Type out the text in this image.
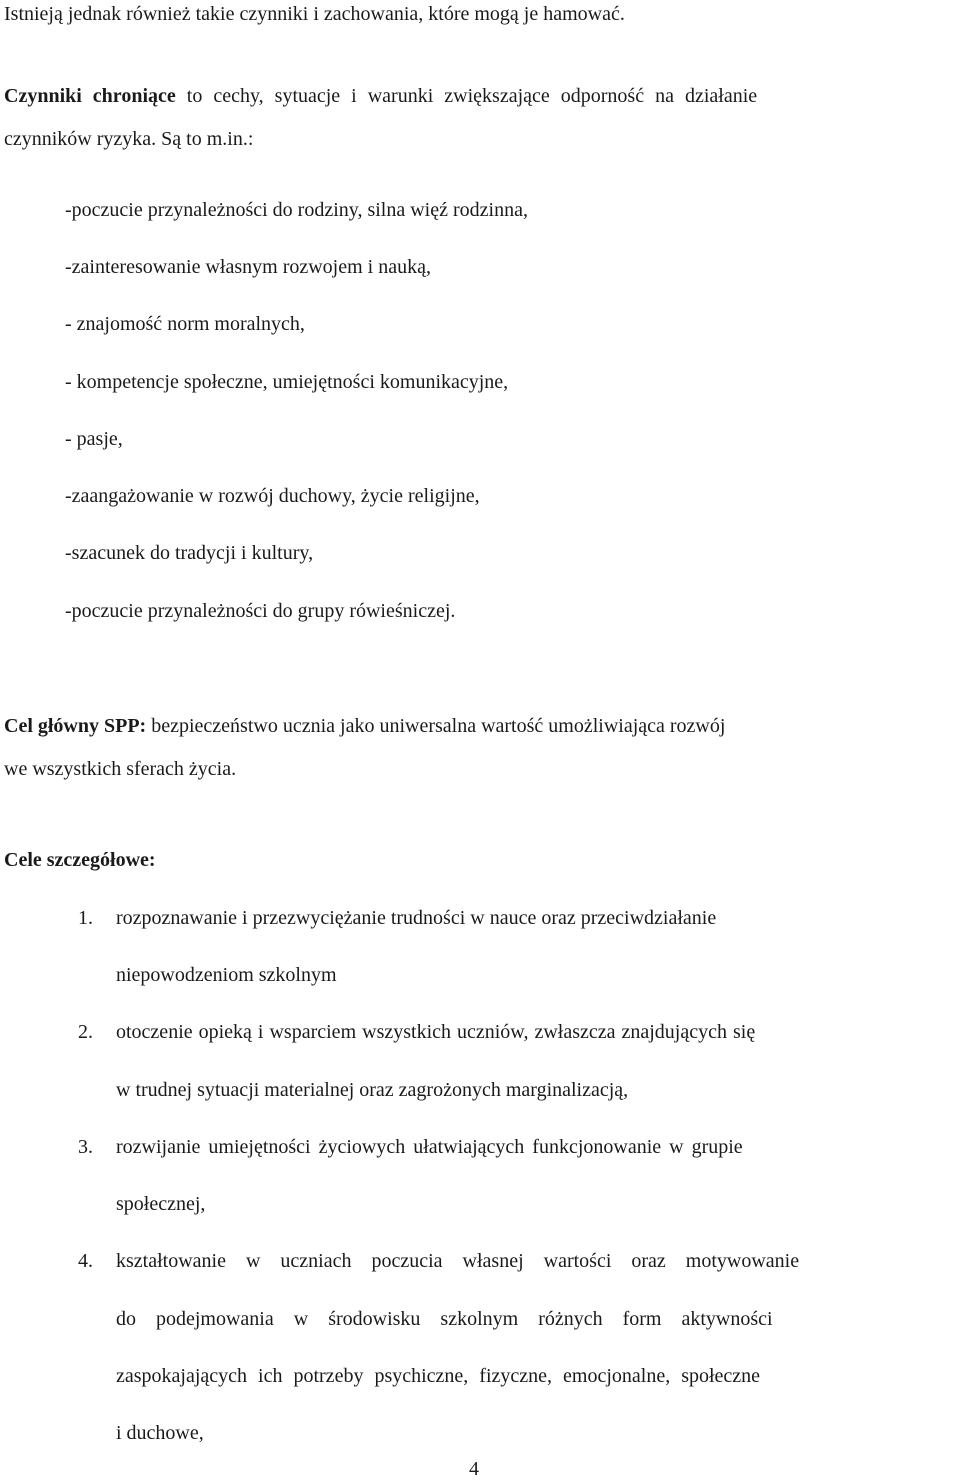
Istnieją jednak również takie czynniki i zachowania, które mogą je hamować.
Czynniki chroniące to cechy, sytuacje i warunki zwiększające odporność na działanie
czynników ryzyka. Są to m.in.:
-poczucie przynależności do rodziny, silna więź rodzinna,
-zainteresowanie własnym rozwojem i nauką,
- znajomość norm moralnych,
- kompetencje społeczne, umiejętności komunikacyjne,
- pasje,
-zaangażowanie w rozwój duchowy, życie religijne,
-szacunek do tradycji i kultury,
-poczucie przynależności do grupy rówieśniczej.
Cel główny SPP: bezpieczeństwo ucznia jako uniwersalna wartość umożliwiająca rozwój
we wszystkich sferach życia.
Cele szczegółowe:
1. rozpoznawanie i przezwyciężanie trudności w nauce oraz przeciwdziałanie
niepowodzeniom szkolnym
2. otoczenie opieką i wsparciem wszystkich uczniów, zwłaszcza znajdujących się
w trudnej sytuacji materialnej oraz zagrożonych marginalizacją,
3. rozwijanie umiejętności życiowych ułatwiających funkcjonowanie w grupie
społecznej,
4. kształtowanie w uczniach poczucia własnej wartości oraz motywowanie
do podejmowania w środowisku szkolnym różnych form aktywności
zaspokajających ich potrzeby psychiczne, fizyczne, emocjonalne, społeczne
i duchowe,
4
